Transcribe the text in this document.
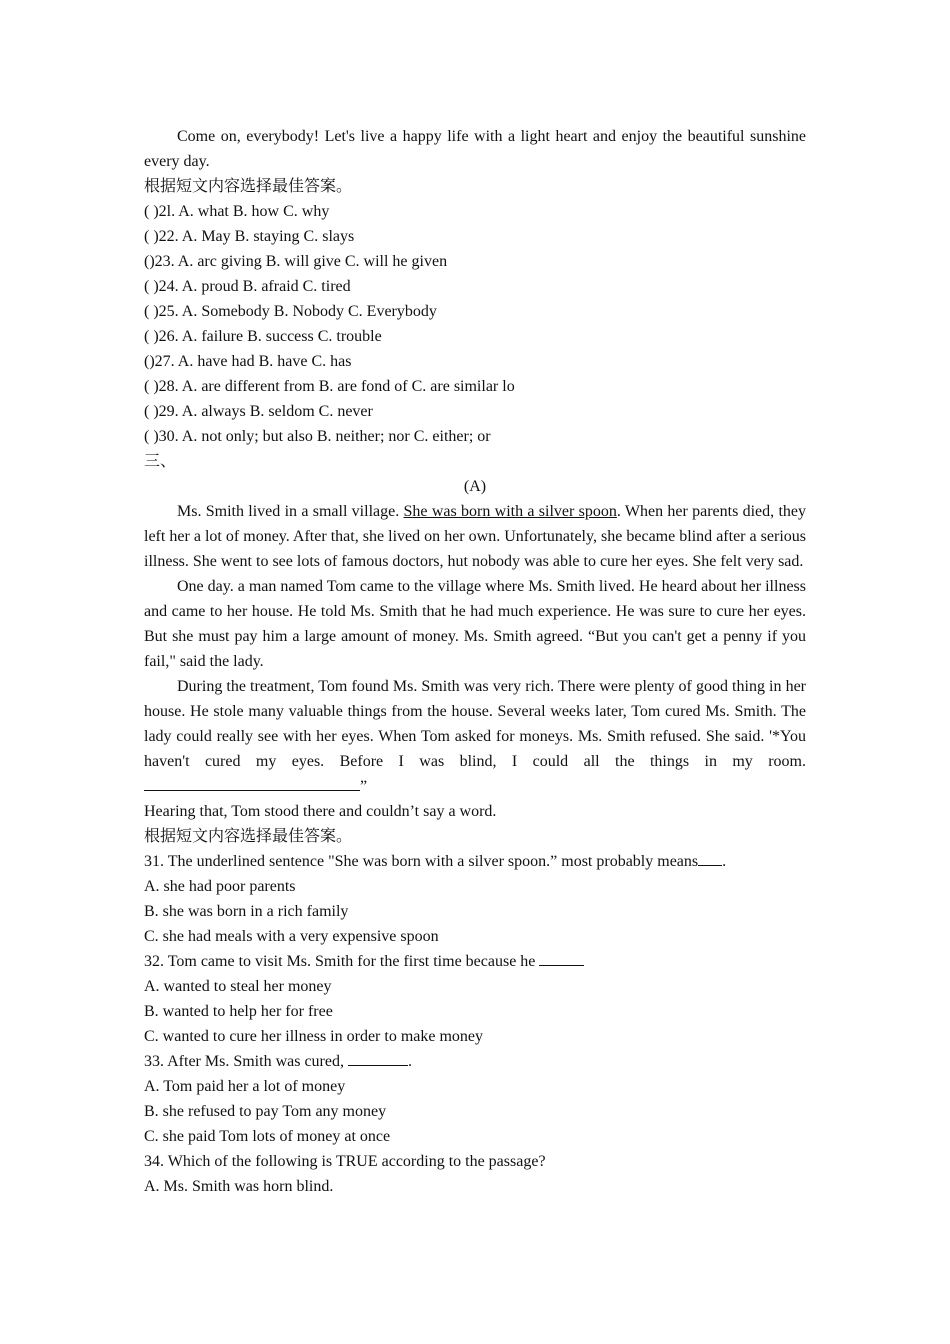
Come on, everybody! Let's live a happy life with a light heart and enjoy the beautiful sunshine every day.
根据短文内容选择最佳答案。
( )2l. A. what B. how C. why
( )22. A. May B. staying C. slays
()23. A. arc giving B. will give C. will he given
( )24. A. proud B. afraid C. tired
( )25. A. Somebody B. Nobody C. Everybody
( )26. A. failure B. success C. trouble
()27. A. have had B. have C. has
( )28. A. are different from B. are fond of C. are similar lo
( )29. A. always B. seldom C. never
( )30. A. not only; but also B. neither; nor C. either; or
三、
(A)
Ms. Smith lived in a small village. She was born with a silver spoon. When her parents died, they left her a lot of money. After that, she lived on her own. Unfortunately, she became blind after a serious illness. She went to see lots of famous doctors, hut nobody was able to cure her eyes. She felt very sad.
One day. a man named Tom came to the village where Ms. Smith lived. He heard about her illness and came to her house. He told Ms. Smith that he had much experience. He was sure to cure her eyes. But she must pay him a large amount of money. Ms. Smith agreed. “But you can't get a penny if you fail," said the lady.
During the treatment, Tom found Ms. Smith was very rich. There were plenty of good thing in her house. He stole many valuable things from the house. Several weeks later, Tom cured Ms. Smith. The lady could really see with her eyes. When Tom asked for moneys. Ms. Smith refused. She said. '*You haven't cured my eyes. Before I was blind, I could all the things in my room.”
Hearing that, Tom stood there and couldn’t say a word.
根据短文内容选择最佳答案。
31. The underlined sentence "She was born with a silver spoon.” most probably means .
A. she had poor parents
B. she was born in a rich family
C. she had meals with a very expensive spoon
32. Tom came to visit Ms. Smith for the first time because he
A. wanted to steal her money
B. wanted to help her for free
C. wanted to cure her illness in order to make money
33. After Ms. Smith was cured,	.
A. Tom paid her a lot of money
B. she refused to pay Tom any money
C. she paid Tom lots of money at once
34. Which of the following is TRUE according to the passage?
A. Ms. Smith was horn blind.
